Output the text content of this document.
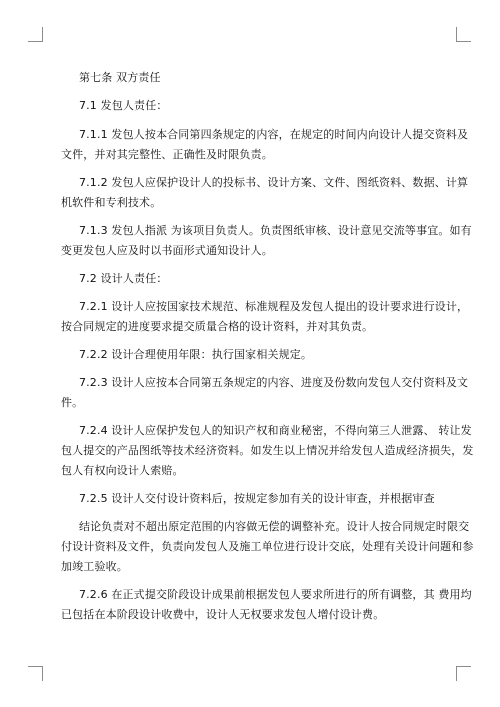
第七条 双方责任
7.1 发包人责任：
7.1.1 发包人按本合同第四条规定的内容，在规定的时间内向设计人提交资料及
文件，并对其完整性、正确性及时限负责。
7.1.2 发包人应保护设计人的投标书、设计方案、文件、图纸资料、数据、计算
机软件和专利技术。
7.1.3 发包人指派 为该项目负责人。负责图纸审核、设计意见交流等事宜。如有
变更发包人应及时以书面形式通知设计人。
7.2 设计人责任：
7.2.1 设计人应按国家技术规范、标准规程及发包人提出的设计要求进行设计，
按合同规定的进度要求提交质量合格的设计资料，并对其负责。
7.2.2 设计合理使用年限：执行国家相关规定。
7.2.3 设计人应按本合同第五条规定的内容、进度及份数向发包人交付资料及文
件。
7.2.4 设计人应保护发包人的知识产权和商业秘密，不得向第三人泄露、 转让发
包人提交的产品图纸等技术经济资料。如发生以上情况并给发包人造成经济损失，发
包人有权向设计人索赔。
7.2.5 设计人交付设计资料后，按规定参加有关的设计审查，并根据审查
结论负责对不超出原定范围的内容做无偿的调整补充。设计人按合同规定时限交
付设计资料及文件，负责向发包人及施工单位进行设计交底，处理有关设计问题和参
加竣工验收。
7.2.6 在正式提交阶段设计成果前根据发包人要求所进行的所有调整，其 费用均
已包括在本阶段设计收费中，设计人无权要求发包人增付设计费。
